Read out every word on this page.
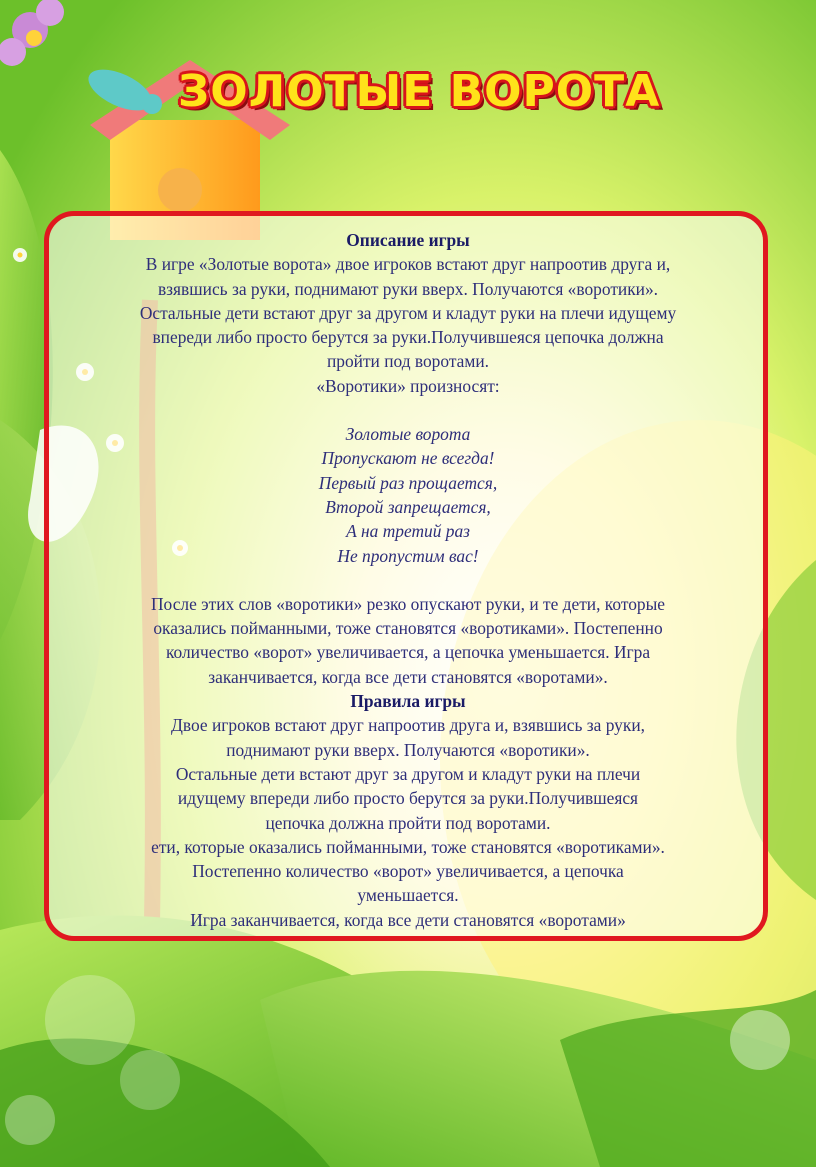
ЗОЛОТЫЕ ВОРОТА

Описание игры

В игре «Золотые ворота» двое игроков встают друг напроотив друга и,

взявшись за руки, поднимают руки вверх. Получаются «воротики».

Остальные дети встают друг за другом и кладут руки на плечи идущему

впереди либо просто берутся за руки.Получившеяся цепочка должна

пройти под воротами.

«Воротики» произносят:

Золотые ворота

Пропускают не всегда!

Первый раз прощается,

Второй запрещается,

А на третий раз

Не пропустим вас!

После этих слов «воротики» резко опускают руки, и те дети, которые

оказались пойманными, тоже становятся «воротиками». Постепенно

количество «ворот» увеличивается, а цепочка уменьшается. Игра

заканчивается, когда все дети становятся «воротами».

Правила игры

Двое игроков встают друг напроотив друга и, взявшись за руки,

поднимают руки вверх. Получаются «воротики».

Остальные дети встают друг за другом и кладут руки на плечи

идущему впереди либо просто берутся за руки.Получившеяся

цепочка должна пройти под воротами.

ети, которые оказались пойманными, тоже становятся «воротиками».

Постепенно количество «ворот» увеличивается, а цепочка

уменьшается.

Игра заканчивается, когда все дети становятся «воротами»
